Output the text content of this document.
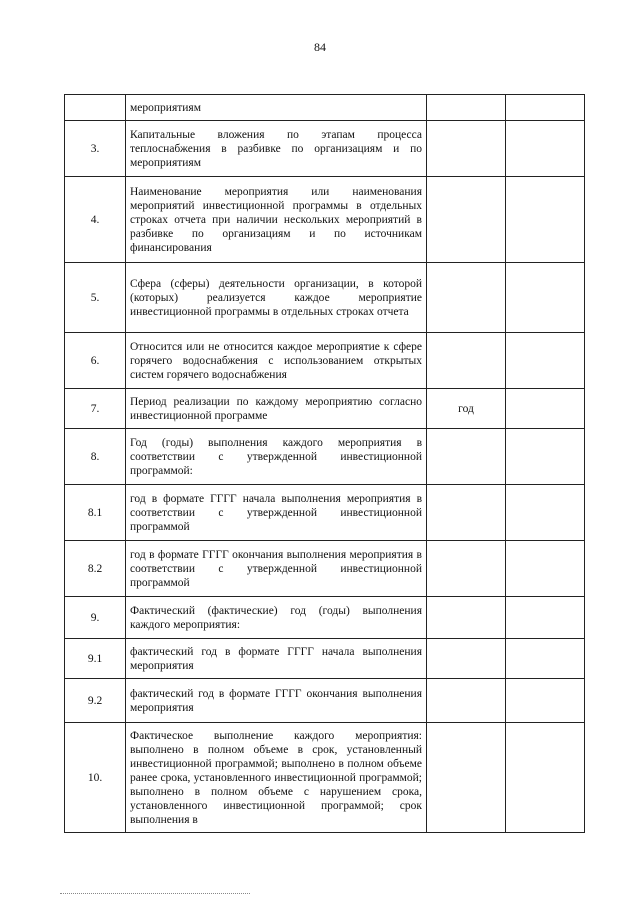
84
	мероприятиям		
3.	Капитальные вложения по этапам процесса теплоснабжения в разбивке по организациям и по мероприятиям		
4.	Наименование мероприятия или наименования мероприятий инвестиционной программы в отдельных строках отчета при наличии нескольких мероприятий в разбивке по организациям и по источникам финансирования		
5.	Сфера (сферы) деятельности организации, в которой (которых) реализуется каждое мероприятие инвестиционной программы в отдельных строках отчета		
6.	Относится или не относится каждое мероприятие к сфере горячего водоснабжения с использованием открытых систем горячего водоснабжения		
7.	Период реализации по каждому мероприятию согласно инвестиционной программе	год	
8.	Год (годы) выполнения каждого мероприятия в соответствии с утвержденной инвестиционной программой:		
8.1	год в формате ГГГГ начала выполнения мероприятия в соответствии с утвержденной инвестиционной программой		
8.2	год в формате ГГГГ окончания выполнения мероприятия в соответствии с утвержденной инвестиционной программой		
9.	Фактический (фактические) год (годы) выполнения каждого мероприятия:		
9.1	фактический год в формате ГГГГ начала выполнения мероприятия		
9.2	фактический год в формате ГГГГ окончания выполнения мероприятия		
10.	Фактическое выполнение каждого мероприятия: выполнено в полном объеме в срок, установленный инвестиционной программой; выполнено в полном объеме ранее срока, установленного инвестиционной программой; выполнено в полном объеме с нарушением срока, установленного инвестиционной программой; срок выполнения в		
